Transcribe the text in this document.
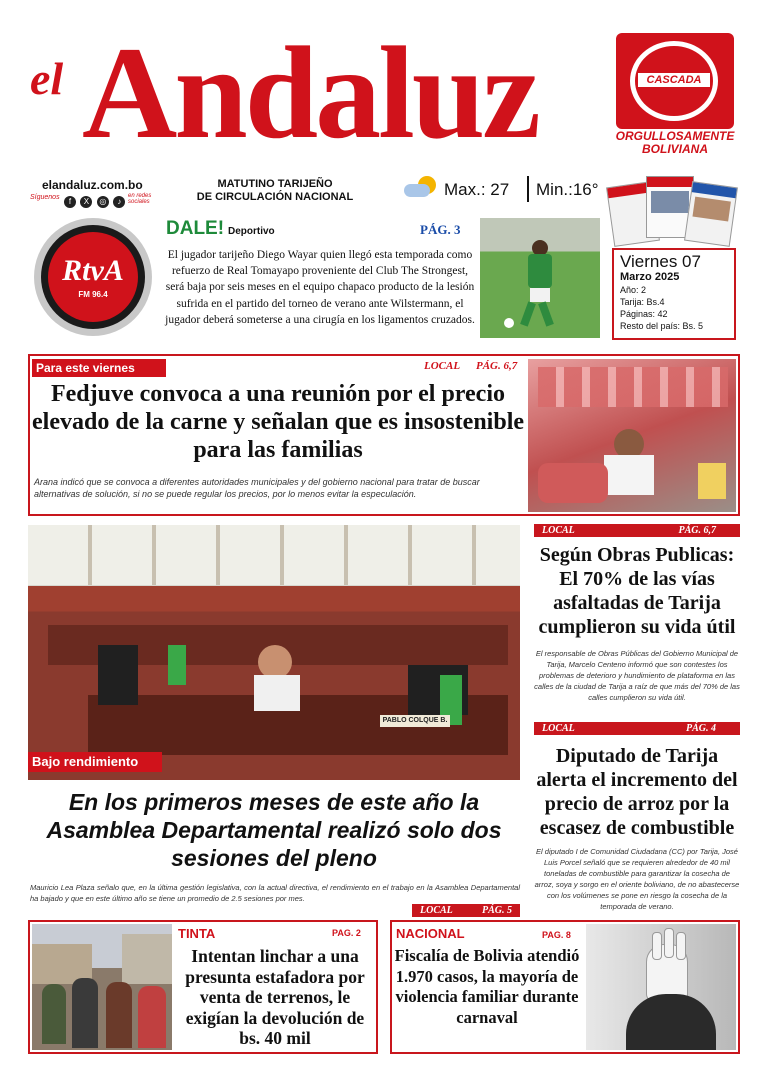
el Andaluz	CASCADA
ORGULLOSAMENTE
BOLIVIANA
elandaluz.com.bo
Síguenos	f X ◎ ♪
en redes sociales
MATUTINO TARIJEÑO
DE CIRCULACIÓN NACIONAL	Max.: 27 Min.:16°
RtvA
FM 96.4
DALE! Deportivo	PÁG. 3
El jugador tarijeño Diego Wayar quien llegó esta temporada como refuerzo de Real Tomayapo proveniente del Club The Strongest, será baja por seis meses en el equipo chapaco producto de la lesión sufrida en el partido del torneo de verano ante Wilstermann, el jugador deberá someterse a una cirugía en los ligamentos cruzados.
Viernes 07
Marzo 2025
Año: 2
Tarija: Bs.4
Páginas: 42
Resto del país: Bs. 5
Para este viernes	LOCAL PÁG. 6,7
Fedjuve convoca a una reunión por el precio elevado de la carne y señalan que es insostenible para las familias
Arana indicó que se convoca a diferentes autoridades municipales y del gobierno nacional para tratar de buscar alternativas de solución, si no se puede regular los precios, por lo menos evitar la especulación.
PABLO COLQUE B.
Bajo rendimiento
En los primeros meses de este año la Asamblea Departamental realizó solo dos sesiones del pleno
Mauricio Lea Plaza señalo que, en la última gestión legislativa, con la actual directiva, el rendimiento en el trabajo en la Asamblea Departamental ha bajado y que en este último año se tiene un promedio de 2.5 sesiones por mes.
LOCAL	PÁG. 5
LOCAL	PÁG. 6,7
Según Obras Publicas: El 70% de las vías asfaltadas de Tarija cumplieron su vida útil
El responsable de Obras Públicas del Gobierno Municipal de Tarija, Marcelo Centeno informó que son contestes los problemas de deterioro y hundimiento de plataforma en las calles de la ciudad de Tarija a raíz de que más del 70% de las calles cumplieron su vida útil.
LOCAL	PÁG. 4
Diputado de Tarija alerta el incremento del precio de arroz por la escasez de combustible
El diputado I de Comunidad Ciudadana (CC) por Tarija, José Luis Porcel señaló que se requieren alrededor de 40 mil toneladas de combustible para garantizar la cosecha de arroz, soya y sorgo en el oriente boliviano, de no abastecerse con los volúmenes se pone en riesgo la cosecha de la temporada de verano.
TINTA	PAG. 2
Intentan linchar a una presunta estafadora por venta de terrenos, le exigían la devolución de bs. 40 mil
NACIONAL	PAG. 8
Fiscalía de Bolivia atendió 1.970 casos, la mayoría de violencia familiar durante carnaval
